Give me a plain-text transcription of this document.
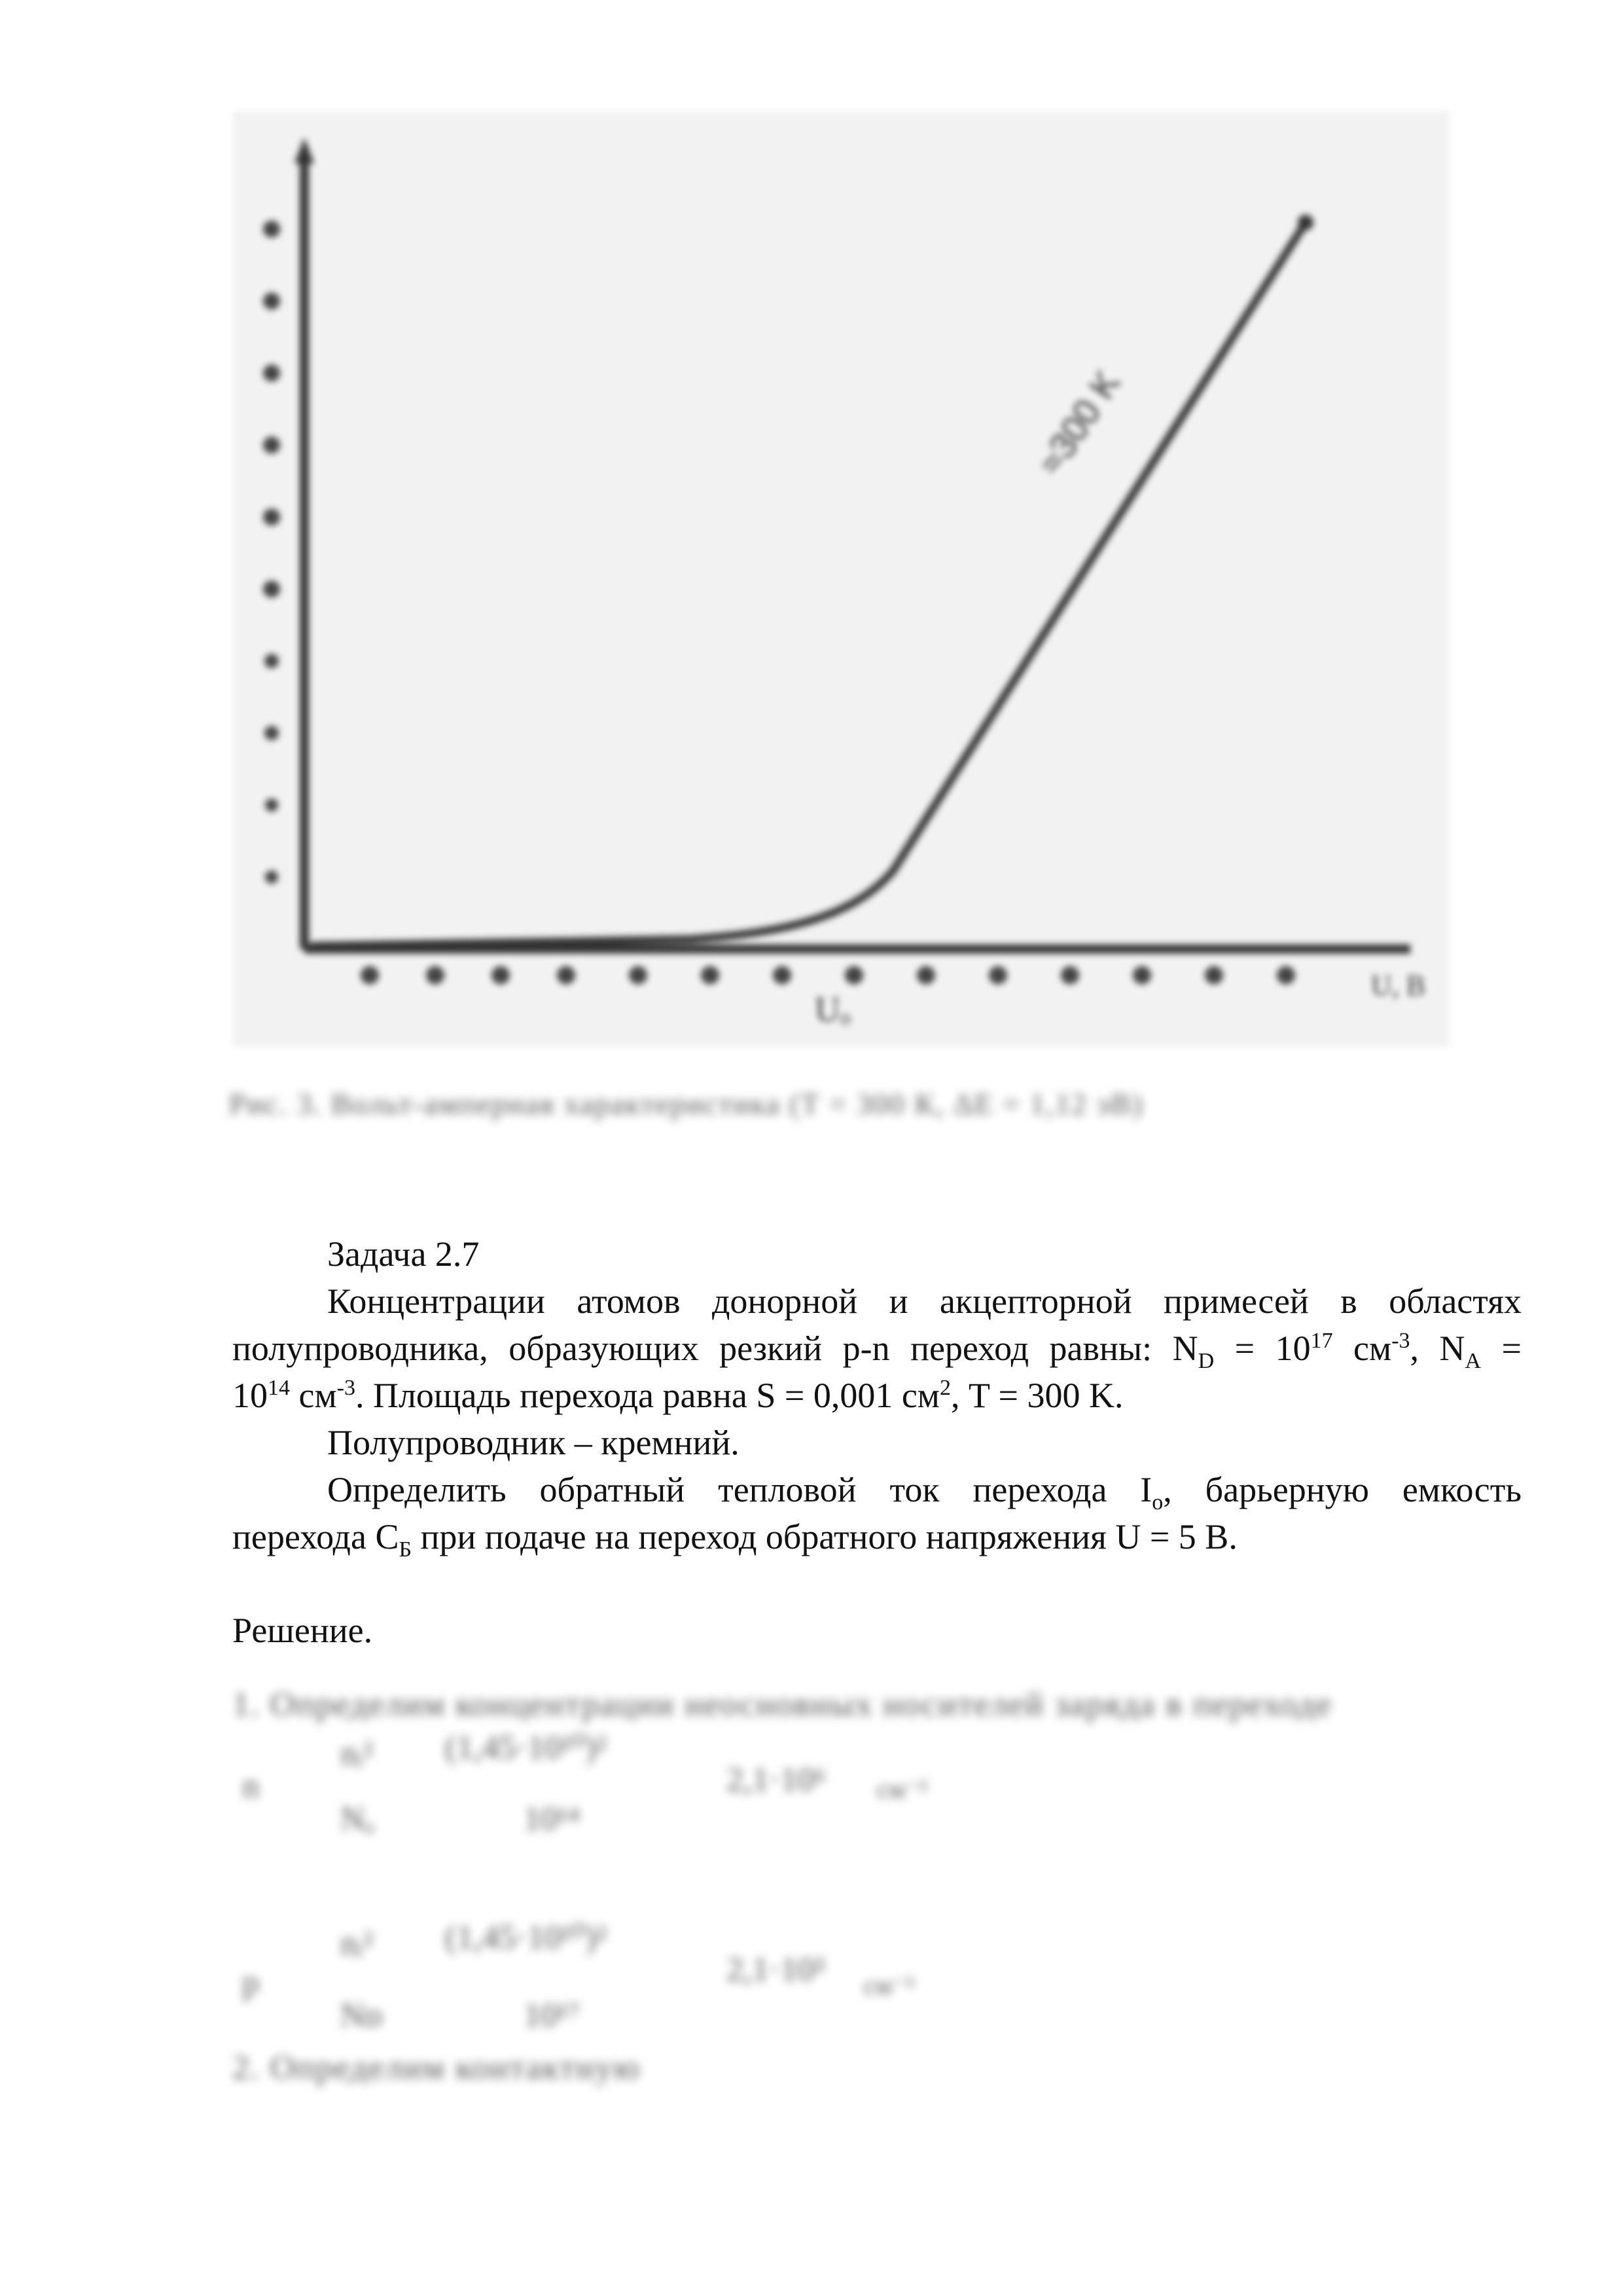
≈300 K
Uₒ
U, B
Рис. 3. Вольт-амперная характеристика (Т = 300 К, ΔE = 1,12 эВ)
Задача 2.7
Концентрации атомов донорной и акцепторной примесей в областях
полупроводника, образующих резкий p-n переход равны: $N_D = 10^{17}$ $см^{-3}$, $N_A$ =
$10^{14}$ $см^{-3}$. Площадь перехода равна S = 0,001 $см^2$, T = 300 K.
Полупроводник – кремний.
Определить обратный тепловой ток перехода $I_o$, барьерную емкость
перехода $C_Б$ при подаче на переход обратного напряжения U = 5 B.
Решение.
1. Определим концентрации неосновных носителей заряда в переходе
n
nᵢ² (1,45·10¹⁰)²
Nₐ	10¹⁴
2,1·10⁶ см⁻³
p
nᵢ² (1,45·10¹⁰)²
Nᴅ	10¹⁷
2,1·10³ см⁻³
2. Определим контактную
